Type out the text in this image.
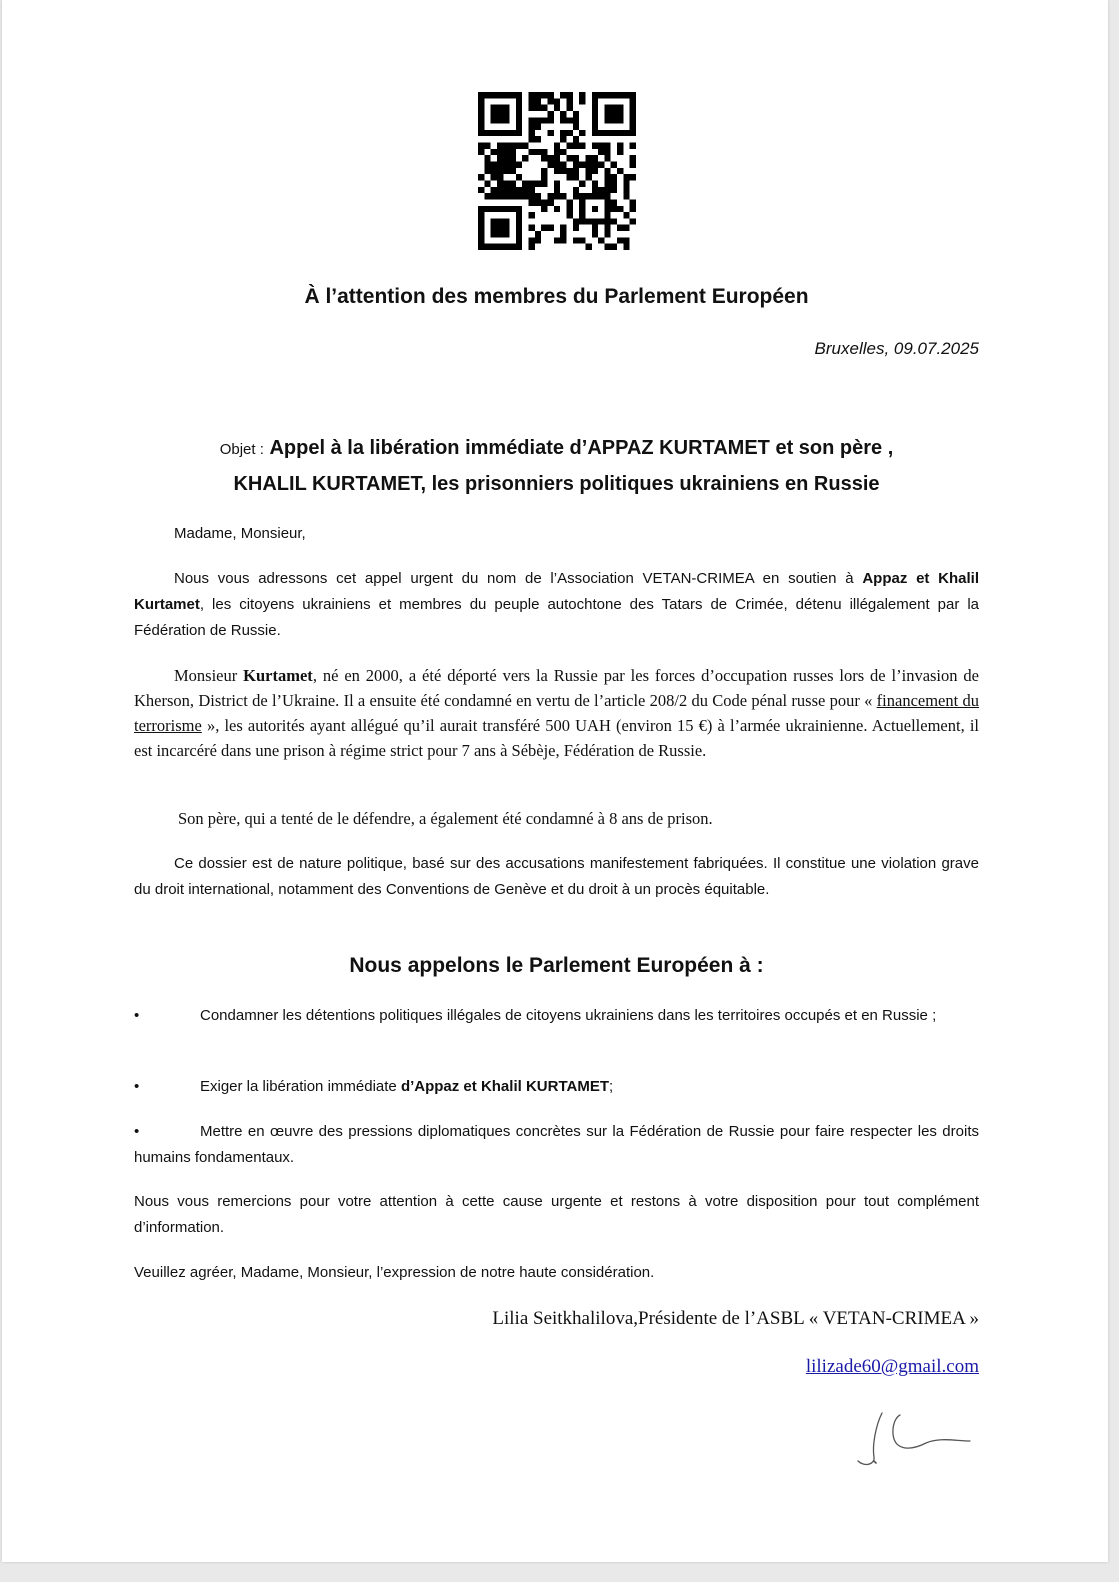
À l’attention des membres du Parlement Européen
Bruxelles, 09.07.2025
Objet : Appel à la libération immédiate d’APPAZ KURTAMET et son père ,
KHALIL KURTAMET, les prisonniers politiques ukrainiens en Russie
Madame, Monsieur,
Nous vous adressons cet appel urgent du nom de l’Association VETAN-CRIMEA en soutien à Appaz et Khalil Kurtamet, les citoyens ukrainiens et membres du peuple autochtone des Tatars de Crimée, détenu illégalement par la Fédération de Russie.
Monsieur Kurtamet, né en 2000, a été déporté vers la Russie par les forces d’occupation russes lors de l’invasion de Kherson, District de l’Ukraine. Il a ensuite été condamné en vertu de l’article 208/2 du Code pénal russe pour « financement du terrorisme », les autorités ayant allégué qu’il aurait transféré 500 UAH (environ 15 €) à l’armée ukrainienne. Actuellement, il est incarcéré dans une prison à régime strict pour 7 ans à Sébèje, Fédération de Russie.
Son père, qui a tenté de le défendre, a également été condamné à 8 ans de prison.
Ce dossier est de nature politique, basé sur des accusations manifestement fabriquées. Il constitue une violation grave du droit international, notamment des Conventions de Genève et du droit à un procès équitable.
Nous appelons le Parlement Européen à :
•	Condamner les détentions politiques illégales de citoyens ukrainiens dans les territoires occupés et en Russie ;
•	Exiger la libération immédiate d’Appaz et Khalil KURTAMET;
•	Mettre en œuvre des pressions diplomatiques concrètes sur la Fédération de Russie pour faire respecter les droits humains fondamentaux.
Nous vous remercions pour votre attention à cette cause urgente et restons à votre disposition pour tout complément d’information.
Veuillez agréer, Madame, Monsieur, l’expression de notre haute considération.
Lilia Seitkhalilova,Présidente de l’ASBL « VETAN-CRIMEA »
lilizade60@gmail.com
